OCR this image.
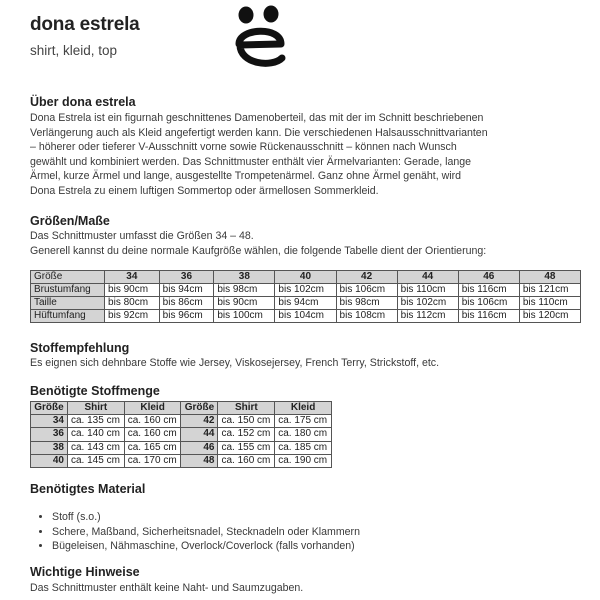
dona estrela
shirt, kleid, top
Über dona estrela

Dona Estrela ist ein figurnah geschnittenes Damenoberteil, das mit der im Schnitt beschriebenen

Verlängerung auch als Kleid angefertigt werden kann. Die verschiedenen Halsausschnittvarianten

– höherer oder tieferer V-Ausschnitt vorne sowie Rückenausschnitt – können nach Wunsch

gewählt und kombiniert werden. Das Schnittmuster enthält vier Ärmelvarianten: Gerade, lange

Ärmel, kurze Ärmel und lange, ausgestellte Trompetenärmel. Ganz ohne Ärmel genäht, wird

Dona Estrela zu einem luftigen Sommertop oder ärmellosen Sommerkleid.

Größen/Maße

Das Schnittmuster umfasst die Größen 34 – 48.

Generell kannst du deine normale Kaufgröße wählen, die folgende Tabelle dient der Orientierung:

Größe	34	36	38	40	42	44	46	48
Brustumfang	bis 90cm	bis 94cm	bis 98cm	bis 102cm	bis 106cm	bis 110cm	bis 116cm	bis 121cm
Taille	bis 80cm	bis 86cm	bis 90cm	bis 94cm	bis 98cm	bis 102cm	bis 106cm	bis 110cm
Hüftumfang	bis 92cm	bis 96cm	bis 100cm	bis 104cm	bis 108cm	bis 112cm	bis 116cm	bis 120cm
Stoffempfehlung
Es eignen sich dehnbare Stoffe wie Jersey, Viskosejersey, French Terry, Strickstoff, etc.
Benötigte Stoffmenge
Größe	Shirt	Kleid	Größe	Shirt	Kleid
34	ca. 135 cm	ca. 160 cm	42	ca. 150 cm	ca. 175 cm
36	ca. 140 cm	ca. 160 cm	44	ca. 152 cm	ca. 180 cm
38	ca. 143 cm	ca. 165 cm	46	ca. 155 cm	ca. 185 cm
40	ca. 145 cm	ca. 170 cm	48	ca. 160 cm	ca. 190 cm
Benötigtes Material
• Stoff (s.o.)
• Schere, Maßband, Sicherheitsnadel, Stecknadeln oder Klammern
• Bügeleisen, Nähmaschine, Overlock/Coverlock (falls vorhanden)
Wichtige Hinweise
Das Schnittmuster enthält keine Naht- und Saumzugaben.
